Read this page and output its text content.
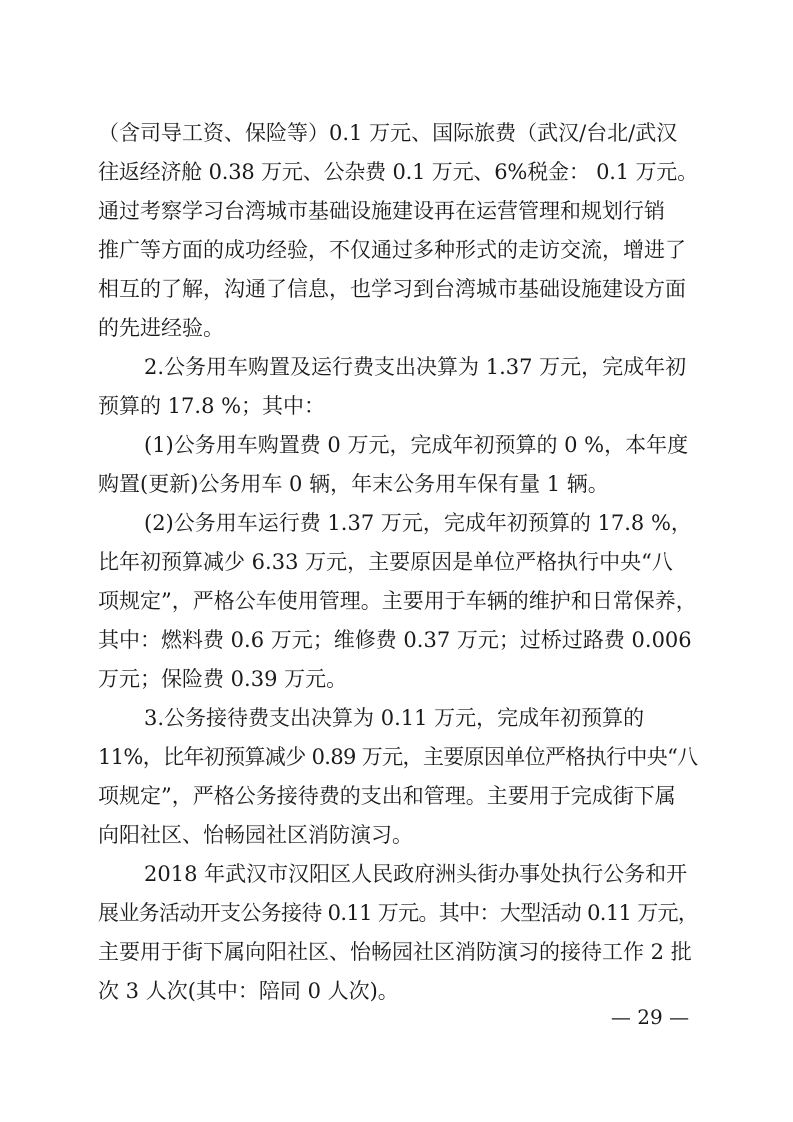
（含司导工资、保险等）0.1 万元、国际旅费（武汉/台北/武汉
往返经济舱 0.38 万元、公杂费 0.1 万元、6%税金： 0.1 万元。
通过考察学习台湾城市基础设施建设再在运营管理和规划行销
推广等方面的成功经验，不仅通过多种形式的走访交流，增进了
相互的了解，沟通了信息，也学习到台湾城市基础设施建设方面
的先进经验。
2.公务用车购置及运行费支出决算为 1.37 万元，完成年初
预算的 17.8 %；其中：
(1)公务用车购置费 0 万元，完成年初预算的 0 %，本年度
购置(更新)公务用车 0 辆，年末公务用车保有量 1 辆。
(2)公务用车运行费 1.37 万元，完成年初预算的 17.8 %，
比年初预算减少 6.33 万元，主要原因是单位严格执行中央“八
项规定”，严格公车使用管理。主要用于车辆的维护和日常保养，
其中：燃料费 0.6 万元；维修费 0.37 万元；过桥过路费 0.006
万元；保险费 0.39 万元。
3.公务接待费支出决算为 0.11 万元，完成年初预算的
11%，比年初预算减少 0.89 万元，主要原因单位严格执行中央“八
项规定”，严格公务接待费的支出和管理。主要用于完成街下属
向阳社区、怡畅园社区消防演习。
2018 年武汉市汉阳区人民政府洲头街办事处执行公务和开
展业务活动开支公务接待 0.11 万元。其中：大型活动 0.11 万元，
主要用于街下属向阳社区、怡畅园社区消防演习的接待工作 2 批
次 3 人次(其中：陪同 0 人次)。
— 29 —
